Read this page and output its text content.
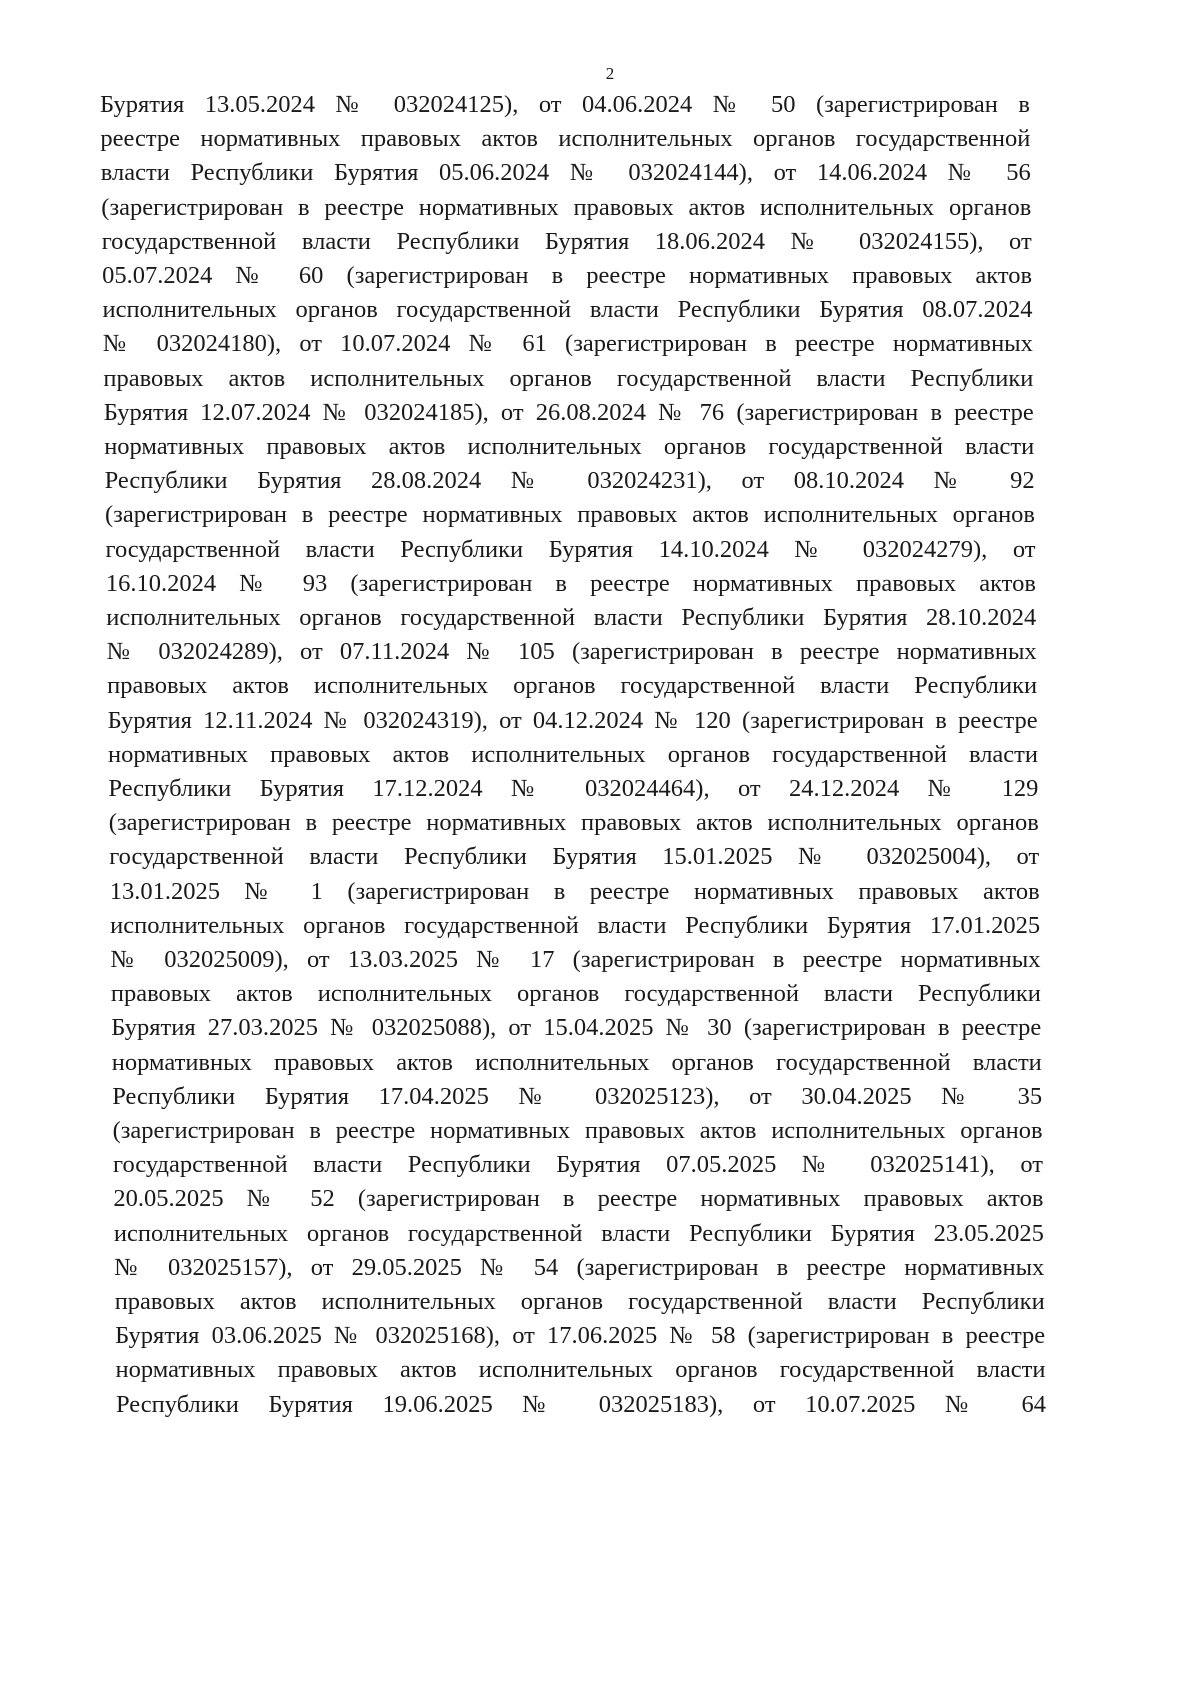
2
Бурятия 13.05.2024 № 032024125), от 04.06.2024 № 50 (зарегистрирован в
реестре нормативных правовых актов исполнительных органов государственной
власти Республики Бурятия 05.06.2024 № 032024144), от 14.06.2024 № 56
(зарегистрирован в реестре нормативных правовых актов исполнительных органов
государственной власти Республики Бурятия 18.06.2024 № 032024155), от
05.07.2024 № 60 (зарегистрирован в реестре нормативных правовых актов
исполнительных органов государственной власти Республики Бурятия 08.07.2024
№ 032024180), от 10.07.2024 № 61 (зарегистрирован в реестре нормативных
правовых актов исполнительных органов государственной власти Республики
Бурятия 12.07.2024 № 032024185), от 26.08.2024 № 76 (зарегистрирован в реестре
нормативных правовых актов исполнительных органов государственной власти
Республики Бурятия 28.08.2024 № 032024231), от 08.10.2024 № 92
(зарегистрирован в реестре нормативных правовых актов исполнительных органов
государственной власти Республики Бурятия 14.10.2024 № 032024279), от
16.10.2024 № 93 (зарегистрирован в реестре нормативных правовых актов
исполнительных органов государственной власти Республики Бурятия 28.10.2024
№ 032024289), от 07.11.2024 № 105 (зарегистрирован в реестре нормативных
правовых актов исполнительных органов государственной власти Республики
Бурятия 12.11.2024 № 032024319), от 04.12.2024 № 120 (зарегистрирован в реестре
нормативных правовых актов исполнительных органов государственной власти
Республики Бурятия 17.12.2024 № 032024464), от 24.12.2024 № 129
(зарегистрирован в реестре нормативных правовых актов исполнительных органов
государственной власти Республики Бурятия 15.01.2025 № 032025004), от
13.01.2025 № 1 (зарегистрирован в реестре нормативных правовых актов
исполнительных органов государственной власти Республики Бурятия 17.01.2025
№ 032025009), от 13.03.2025 № 17 (зарегистрирован в реестре нормативных
правовых актов исполнительных органов государственной власти Республики
Бурятия 27.03.2025 № 032025088), от 15.04.2025 № 30 (зарегистрирован в реестре
нормативных правовых актов исполнительных органов государственной власти
Республики Бурятия 17.04.2025 № 032025123), от 30.04.2025 № 35
(зарегистрирован в реестре нормативных правовых актов исполнительных органов
государственной власти Республики Бурятия 07.05.2025 № 032025141), от
20.05.2025 № 52 (зарегистрирован в реестре нормативных правовых актов
исполнительных органов государственной власти Республики Бурятия 23.05.2025
№ 032025157), от 29.05.2025 № 54 (зарегистрирован в реестре нормативных
правовых актов исполнительных органов государственной власти Республики
Бурятия 03.06.2025 № 032025168), от 17.06.2025 № 58 (зарегистрирован в реестре
нормативных правовых актов исполнительных органов государственной власти
Республики Бурятия 19.06.2025 № 032025183), от 10.07.2025 № 64
